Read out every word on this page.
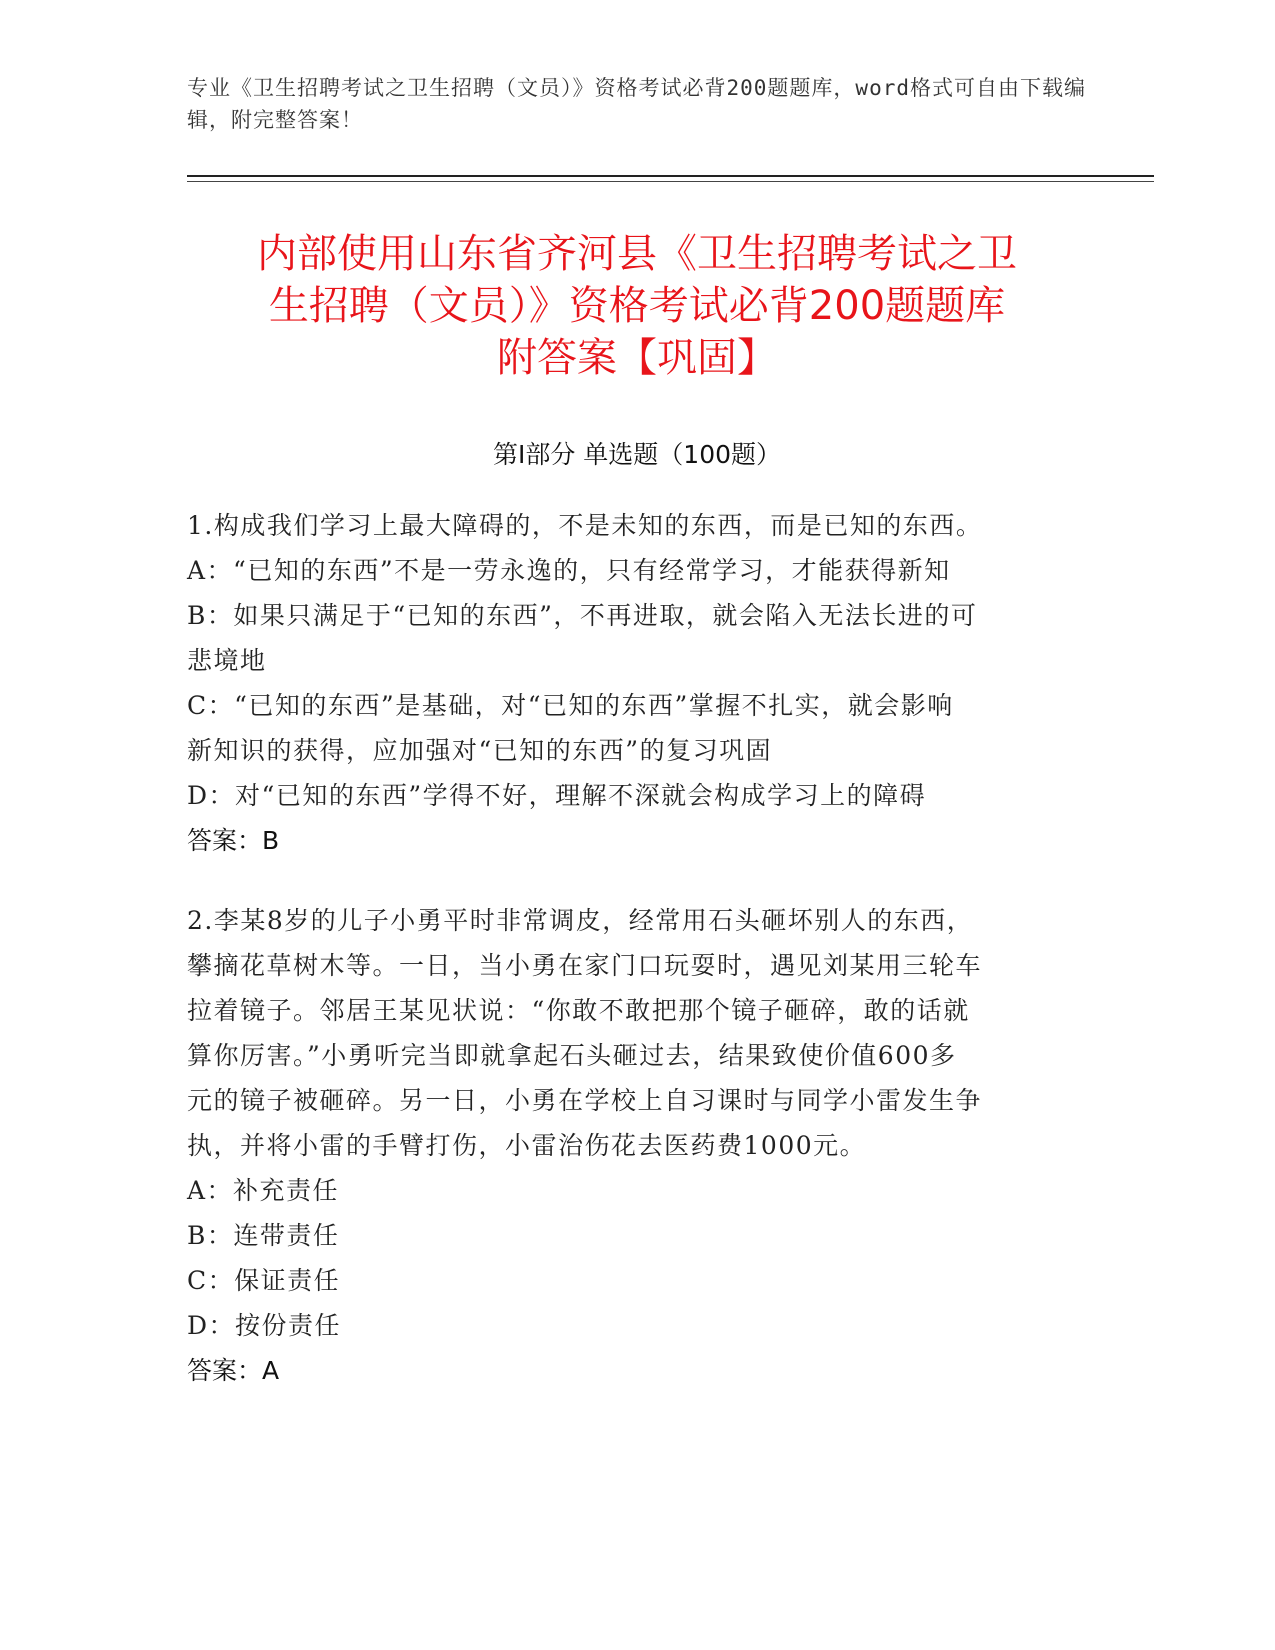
专业《卫生招聘考试之卫生招聘（文员）》资格考试必背200题题库，word格式可自由下载编辑，附完整答案！
内部使用山东省齐河县《卫生招聘考试之卫
生招聘（文员）》资格考试必背200题题库
附答案【巩固】
第Ⅰ部分 单选题（100题）

1.构成我们学习上最大障碍的，不是未知的东西，而是已知的东西。

A：“已知的东西”不是一劳永逸的，只有经常学习，才能获得新知

B：如果只满足于“已知的东西”，不再进取，就会陷入无法长进的可

悲境地

C：“已知的东西”是基础，对“已知的东西”掌握不扎实，就会影响

新知识的获得，应加强对“已知的东西”的复习巩固

D：对“已知的东西”学得不好，理解不深就会构成学习上的障碍

答案：B

2.李某8岁的儿子小勇平时非常调皮，经常用石头砸坏别人的东西，

攀摘花草树木等。一日，当小勇在家门口玩耍时，遇见刘某用三轮车

拉着镜子。邻居王某见状说：“你敢不敢把那个镜子砸碎，敢的话就

算你厉害。”小勇听完当即就拿起石头砸过去，结果致使价值600多

元的镜子被砸碎。另一日，小勇在学校上自习课时与同学小雷发生争

执，并将小雷的手臂打伤，小雷治伤花去医药费1000元。

A：补充责任

B：连带责任

C：保证责任

D：按份责任

答案：A
